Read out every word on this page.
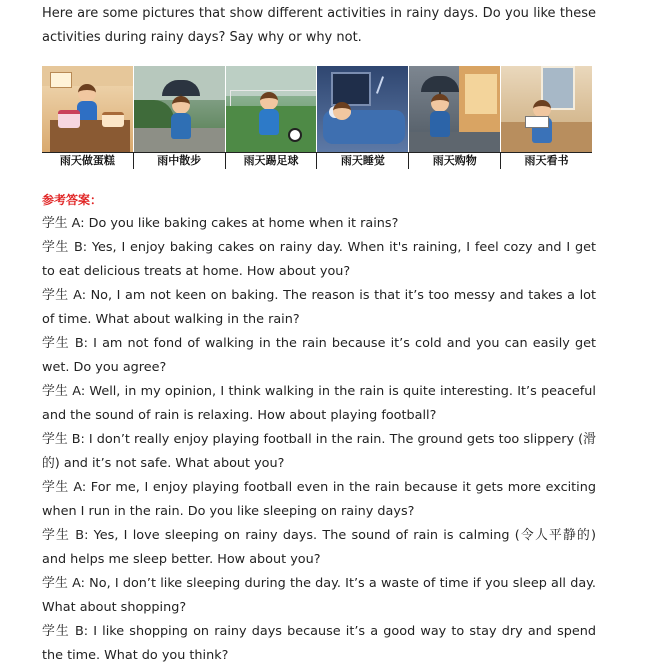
Here are some pictures that show different activities in rainy days. Do you like these activities during rainy days? Say why or why not.

雨天做蛋糕	雨中散步	雨天踢足球	雨天睡觉	雨天购物	雨天看书

参考答案：

学生 A: Do you like baking cakes at home when it rains?

学生 B: Yes, I enjoy baking cakes on rainy day. When it's raining, I feel cozy and I get to eat delicious treats at home. How about you?

学生 A: No, I am not keen on baking. The reason is that it’s too messy and takes a lot of time. What about walking in the rain?

学生 B: I am not fond of walking in the rain because it’s cold and you can easily get wet. Do you agree?

学生 A: Well, in my opinion, I think walking in the rain is quite interesting. It’s peaceful and the sound of rain is relaxing. How about playing football?

学生 B: I don’t really enjoy playing football in the rain. The ground gets too slippery (滑的) and it’s not safe. What about you?

学生 A: For me, I enjoy playing football even in the rain because it gets more exciting when I run in the rain. Do you like sleeping on rainy days?

学生 B: Yes, I love sleeping on rainy days. The sound of rain is calming (令人平静的) and helps me sleep better. How about you?

学生 A: No, I don’t like sleeping during the day. It’s a waste of time if you sleep all day. What about shopping?

学生 B: I like shopping on rainy days because it’s a good way to stay dry and spend the time. What do you think?
